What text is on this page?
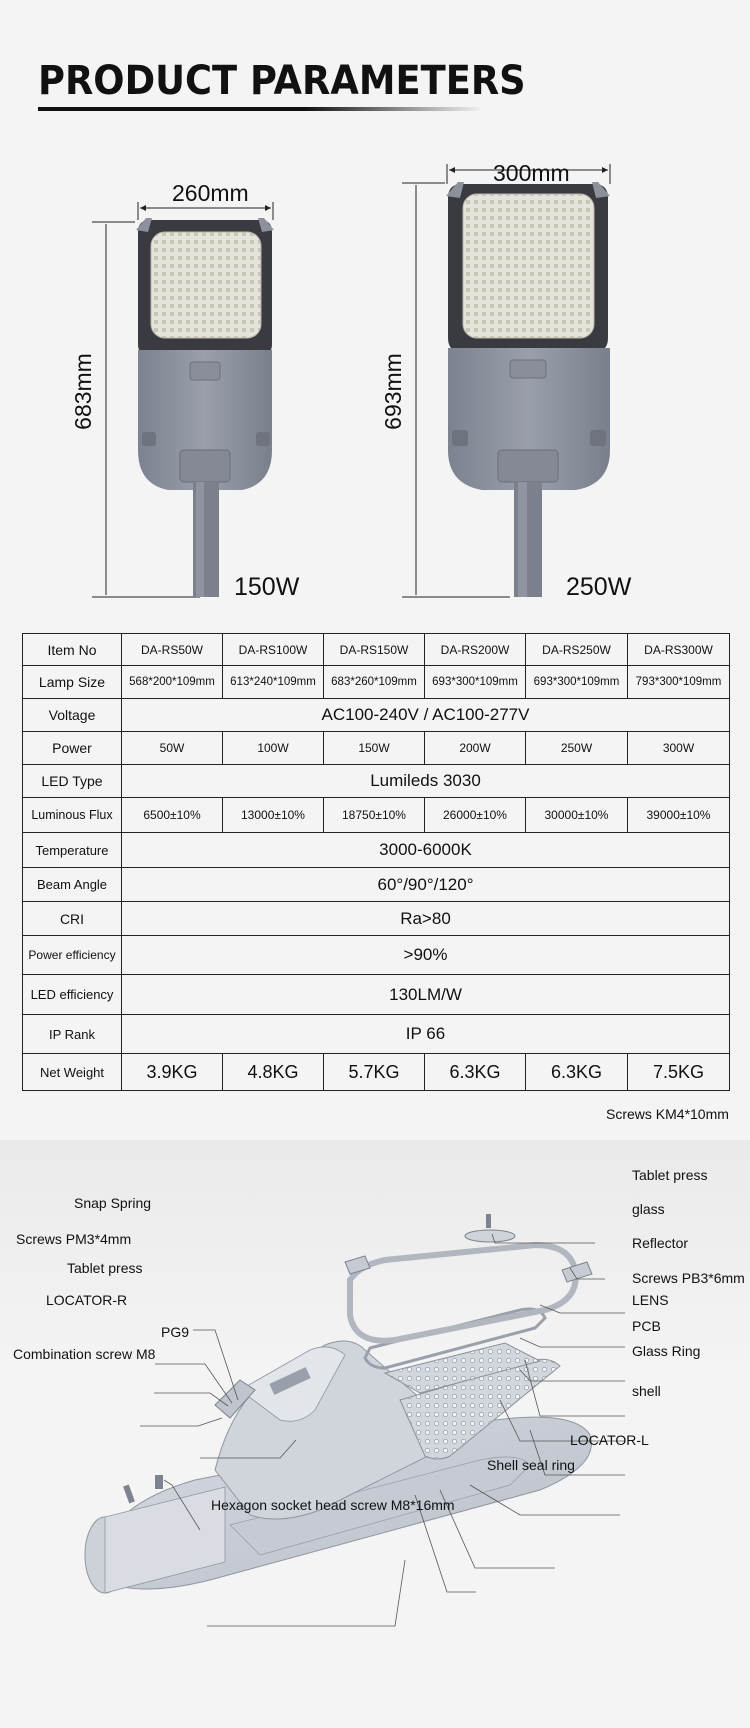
PRODUCT PARAMETERS
260mm
683mm
150W
300mm
693mm
250W
Item No	DA-RS50W	DA-RS100W	DA-RS150W	DA-RS200W	DA-RS250W	DA-RS300W
Lamp Size	568*200*109mm	613*240*109mm	683*260*109mm	693*300*109mm	693*300*109mm	793*300*109mm
Voltage	AC100-240V / AC100-277V					
Power	50W	100W	150W	200W	250W	300W
LED Type	Lumileds 3030					
Luminous Flux	6500±10%	13000±10%	18750±10%	26000±10%	30000±10%	39000±10%
Temperature	3000-6000K					
Beam Angle	60°/90°/120°					
CRI	Ra>80					
Power efficiency	>90%					
LED efficiency	130LM/W					
IP Rank	IP 66					
Net Weight	3.9KG	4.8KG	5.7KG	6.3KG	6.3KG	7.5KG
Snap Spring
Screws PM3*4mm
Tablet press
LOCATOR-R
PG9
Combination screw M8
Screws KM4*10mm
Tablet press
glass
Reflector
Screws PB3*6mm
LENS
PCB
Glass Ring
shell
LOCATOR-L
Shell seal ring
Hexagon socket head screw M8*16mm
